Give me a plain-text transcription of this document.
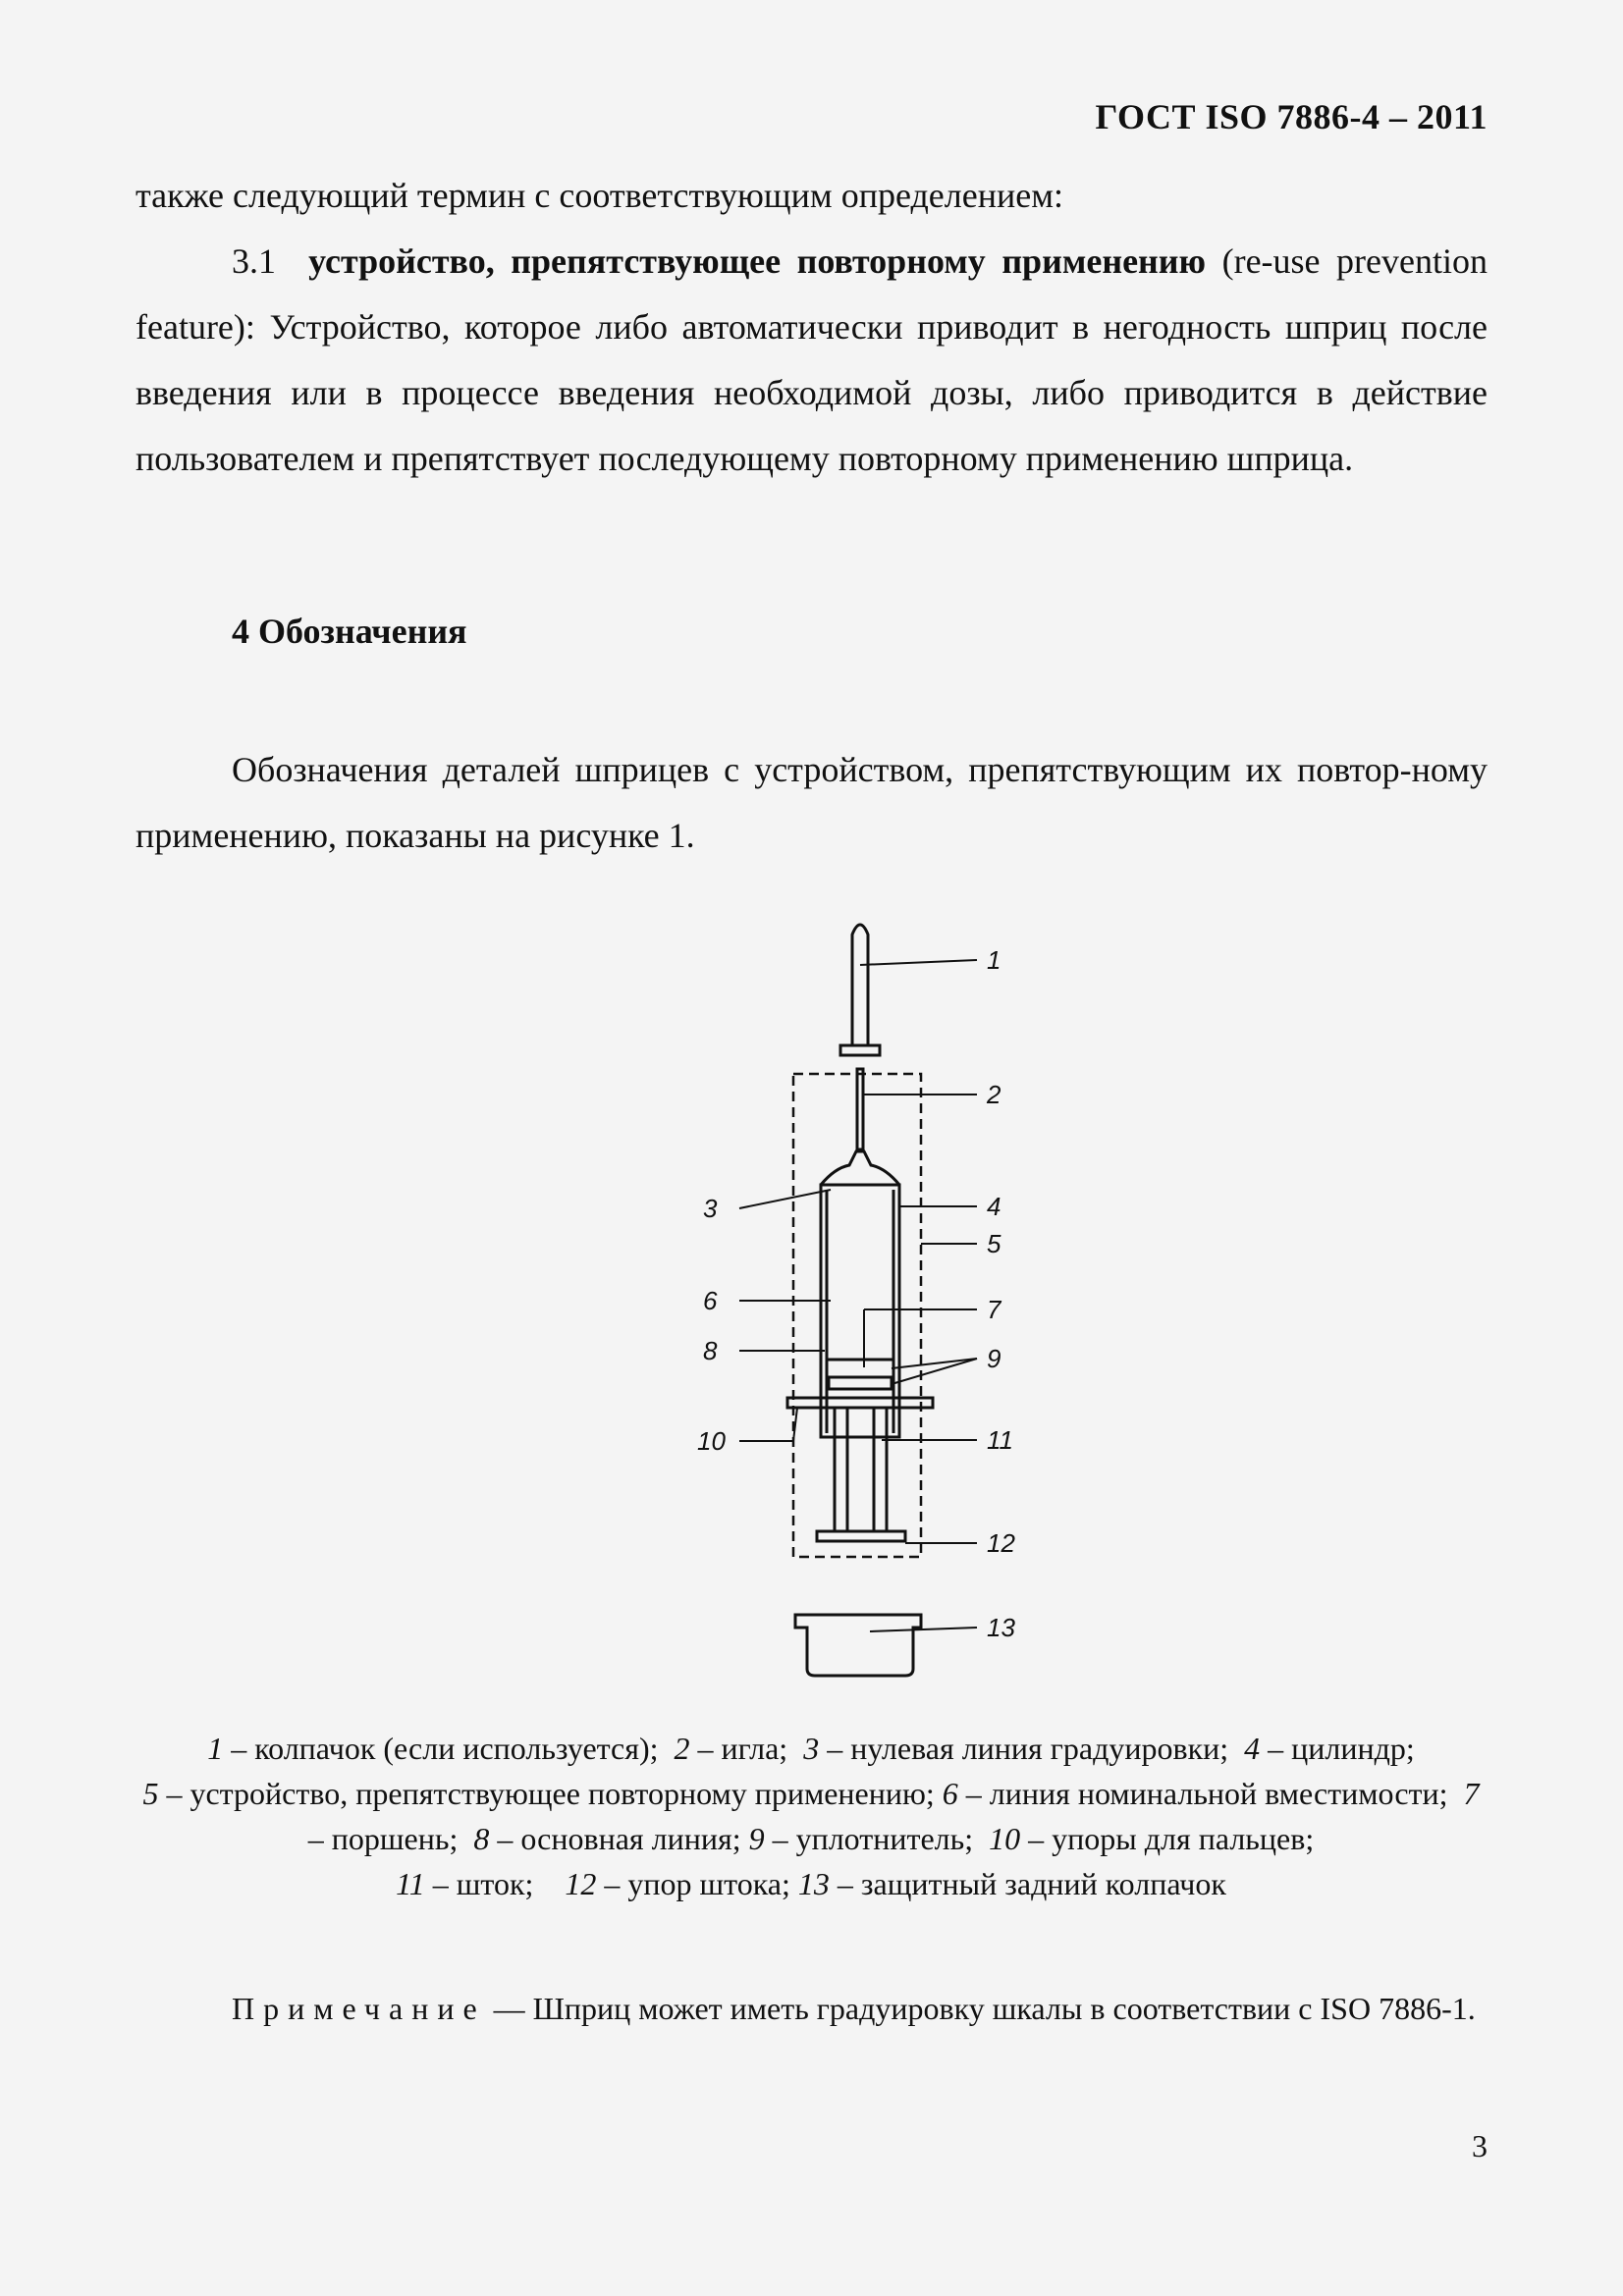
ГОСТ ISO 7886-4 – 2011

также следующий термин с соответствующим определением:

3.1 устройство, препятствующее повторному применению (re-use prevention feature): Устройство, которое либо автоматически приводит в негодность шприц после введения или в процессе введения необходимой дозы, либо приводится в действие пользователем и препятствует последующему повторному применению шприца.

4 Обозначения

Обозначения деталей шприцев с устройством, препятствующим их повтор-ному применению, показаны на рисунке 1.

1
2
3	4
5
6	7
8	9
10	11
12
13
1 – колпачок (если используется); 2 – игла; 3 – нулевая линия градуировки; 4 – цилиндр;
5 – устройство, препятствующее повторному применению; 6 – линия номинальной вместимости; 7 – поршень; 8 – основная линия; 9 – уплотнитель; 10 – упоры для пальцев;
11 – шток; 12 – упор штока; 13 – защитный задний колпачок

Примечание — Шприц может иметь градуировку шкалы в соответствии с ISO 7886-1.

3
